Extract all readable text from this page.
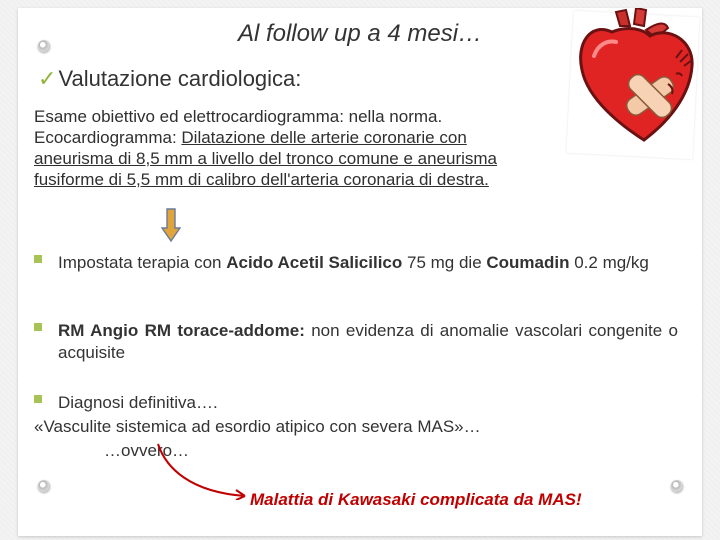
Al follow up a 4 mesi…
✓ Valutazione cardiologica:
Esame obiettivo ed elettrocardiogramma: nella norma.
Ecocardiogramma: Dilatazione delle arterie coronarie con
aneurisma di 8,5 mm a livello del tronco comune e aneurisma
fusiforme di 5,5 mm di calibro dell'arteria coronaria di destra.
Impostata terapia con Acido Acetil Salicilico 75 mg die Coumadin 0.2 mg/kg
RM Angio RM torace-addome: non evidenza di anomalie vascolari congenite o acquisite
Diagnosi definitiva….
«Vasculite sistemica ad esordio atipico con severa MAS»…
…ovvero…
Malattia di Kawasaki complicata da MAS!
